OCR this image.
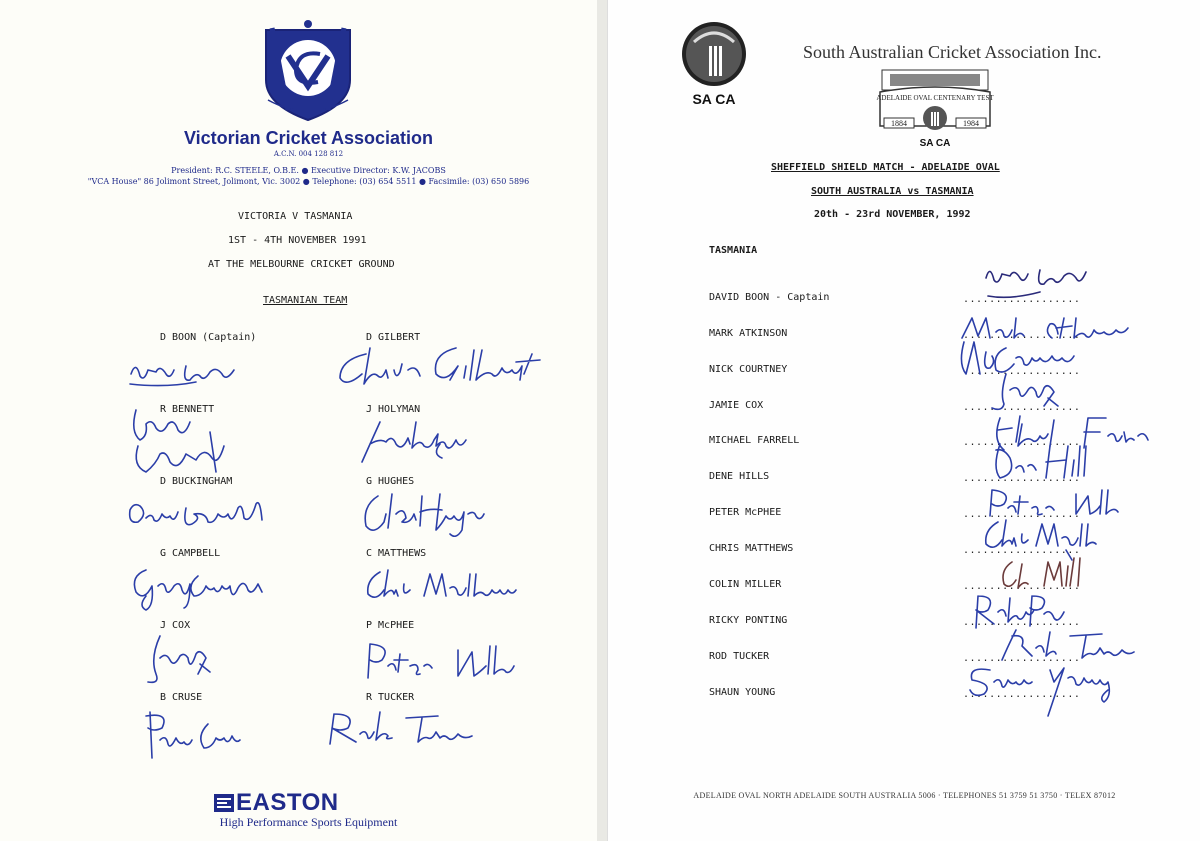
Victorian Cricket Association
A.C.N. 004 128 812
President: R.C. STEELE, O.B.E. ● Executive Director: K.W. JACOBS
"VCA House" 86 Jolimont Street, Jolimont, Vic. 3002 ● Telephone: (03) 654 5511 ● Facsimile: (03) 650 5896
VICTORIA V TASMANIA
1ST - 4TH NOVEMBER 1991
AT THE MELBOURNE CRICKET GROUND
TASMANIAN TEAM
D BOON (Captain)
R BENNETT
D BUCKINGHAM
G CAMPBELL
J COX
B CRUSE
D GILBERT
J HOLYMAN
G HUGHES
C MATTHEWS
P McPHEE
R TUCKER
EASTON
High Performance Sports Equipment
SA CA
South Australian Cricket Association Inc.
ADELAIDE OVAL CENTENARY TEST
1884	1984
SA CA
SHEFFIELD SHIELD MATCH - ADELAIDE OVAL
SOUTH AUSTRALIA vs TASMANIA
20th - 23rd NOVEMBER, 1992
TASMANIA
DAVID BOON - Captain
MARK ATKINSON
NICK COURTNEY
JAMIE COX
MICHAEL FARRELL
DENE HILLS
PETER McPHEE
CHRIS MATTHEWS
COLIN MILLER
RICKY PONTING
ROD TUCKER
SHAUN YOUNG
..................
..................
..................
..................
..................
..................
..................
..................
..................
..................
..................
..................
ADELAIDE OVAL NORTH ADELAIDE SOUTH AUSTRALIA 5006 · TELEPHONES 51 3759 51 3750 · TELEX 87012
